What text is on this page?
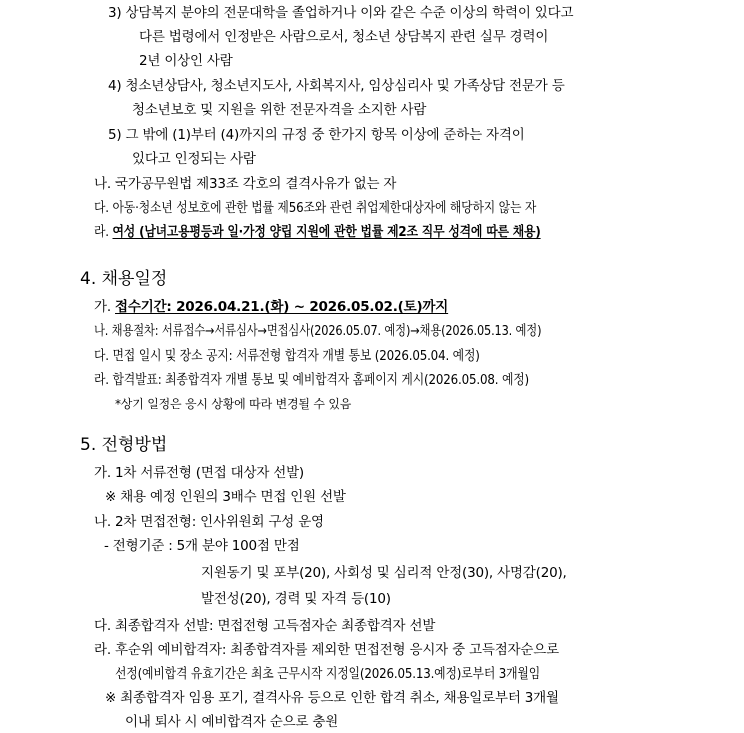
3) 상담복지 분야의 전문대학을 졸업하거나 이와 같은 수준 이상의 학력이 있다고
다른 법령에서 인정받은 사람으로서, 청소년 상담복지 관련 실무 경력이
2년 이상인 사람
4) 청소년상담사, 청소년지도사, 사회복지사, 임상심리사 및 가족상담 전문가 등
청소년보호 및 지원을 위한 전문자격을 소지한 사람
5) 그 밖에 (1)부터 (4)까지의 규정 중 한가지 항목 이상에 준하는 자격이
있다고 인정되는 사람
나. 국가공무원법 제33조 각호의 결격사유가 없는 자
다. 아동·청소년 성보호에 관한 법률 제56조와 관련 취업제한대상자에 해당하지 않는 자
라. 여성 (남녀고용평등과 일·가정 양립 지원에 관한 법률 제2조 직무 성격에 따른 채용)
4. 채용일정
가. 접수기간: 2026.04.21.(화) ~ 2026.05.02.(토)까지
나. 채용절차: 서류접수→서류심사→면접심사(2026.05.07. 예정)→채용(2026.05.13. 예정)
다. 면접 일시 및 장소 공지: 서류전형 합격자 개별 통보 (2026.05.04. 예정)
라. 합격발표: 최종합격자 개별 통보 및 예비합격자 홈페이지 게시(2026.05.08. 예정)
*상기 일정은 응시 상황에 따라 변경될 수 있음
5. 전형방법
가. 1차 서류전형 (면접 대상자 선발)
※ 채용 예정 인원의 3배수 면접 인원 선발
나. 2차 면접전형: 인사위원회 구성 운영
- 전형기준 : 5개 분야 100점 만점
지원동기 및 포부(20), 사회성 및 심리적 안정(30), 사명감(20),
발전성(20), 경력 및 자격 등(10)
다. 최종합격자 선발: 면접전형 고득점자순 최종합격자 선발
라. 후순위 예비합격자: 최종합격자를 제외한 면접전형 응시자 중 고득점자순으로
선정(예비합격 유효기간은 최초 근무시작 지정일(2026.05.13.예정)로부터 3개월임
※ 최종합격자 임용 포기, 결격사유 등으로 인한 합격 취소, 채용일로부터 3개월
이내 퇴사 시 예비합격자 순으로 충원
